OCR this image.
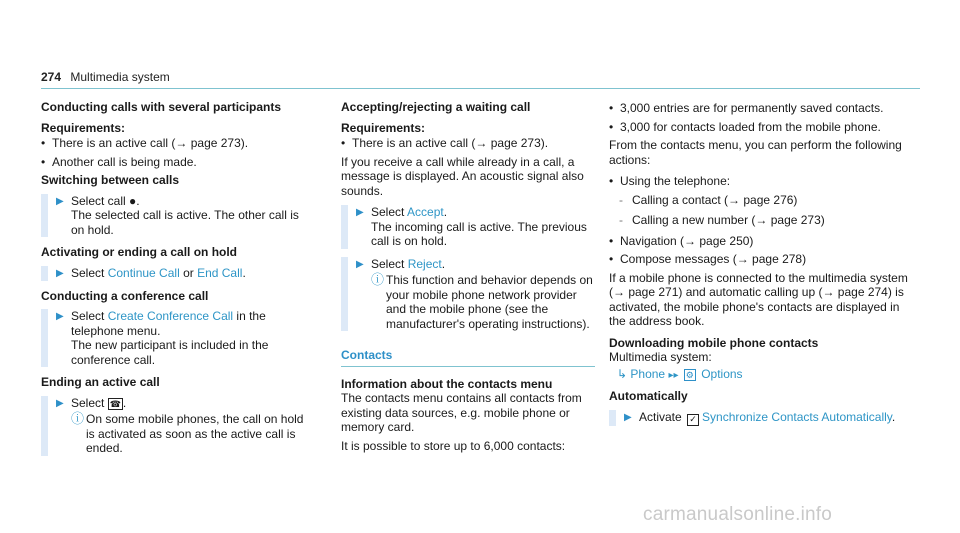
274 Multimedia system

Conducting calls with several participants

Requirements:

• There is an active call (→ page 273).
• Another call is being made.

Switching between calls

▶ Select call ●.
The selected call is active. The other call is on hold.

Activating or ending a call on hold

▶ Select Continue Call or End Call.

Conducting a conference call

▶ Select Create Conference Call in the telephone menu.
The new participant is included in the conference call.

Ending an active call

▶ Select ☎ .
ⓘ On some mobile phones, the call on hold is activated as soon as the active call is ended.

Accepting/rejecting a waiting call

Requirements:

• There is an active call (→ page 273).

If you receive a call while already in a call, a message is displayed. An acoustic signal also sounds.

▶ Select Accept.
The incoming call is active. The previous call is on hold.
▶ Select Reject.
ⓘ This function and behavior depends on your mobile phone network provider and the mobile phone (see the manufacturer's operating instructions).
Contacts

Information about the contacts menu

The contacts menu contains all contacts from existing data sources, e.g. mobile phone or memory card.

It is possible to store up to 6,000 contacts:

• 3,000 entries are for permanently saved contacts.
• 3,000 for contacts loaded from the mobile phone.

From the contacts menu, you can perform the following actions:

• Using the telephone:
- Calling a contact (→ page 276)
- Calling a new number (→ page 273)
• Navigation (→ page 250)
• Compose messages (→ page 278)

If a mobile phone is connected to the multimedia system (→ page 271) and automatic calling up (→ page 274) is activated, the mobile phone's contacts are displayed in the address book.

Downloading mobile phone contacts

Multimedia system:
↳ Phone ▸▸ ⚙ Options

Automatically

▶ Activate ✓ Synchronize Contacts Automatically.
carmanualsonline.info
